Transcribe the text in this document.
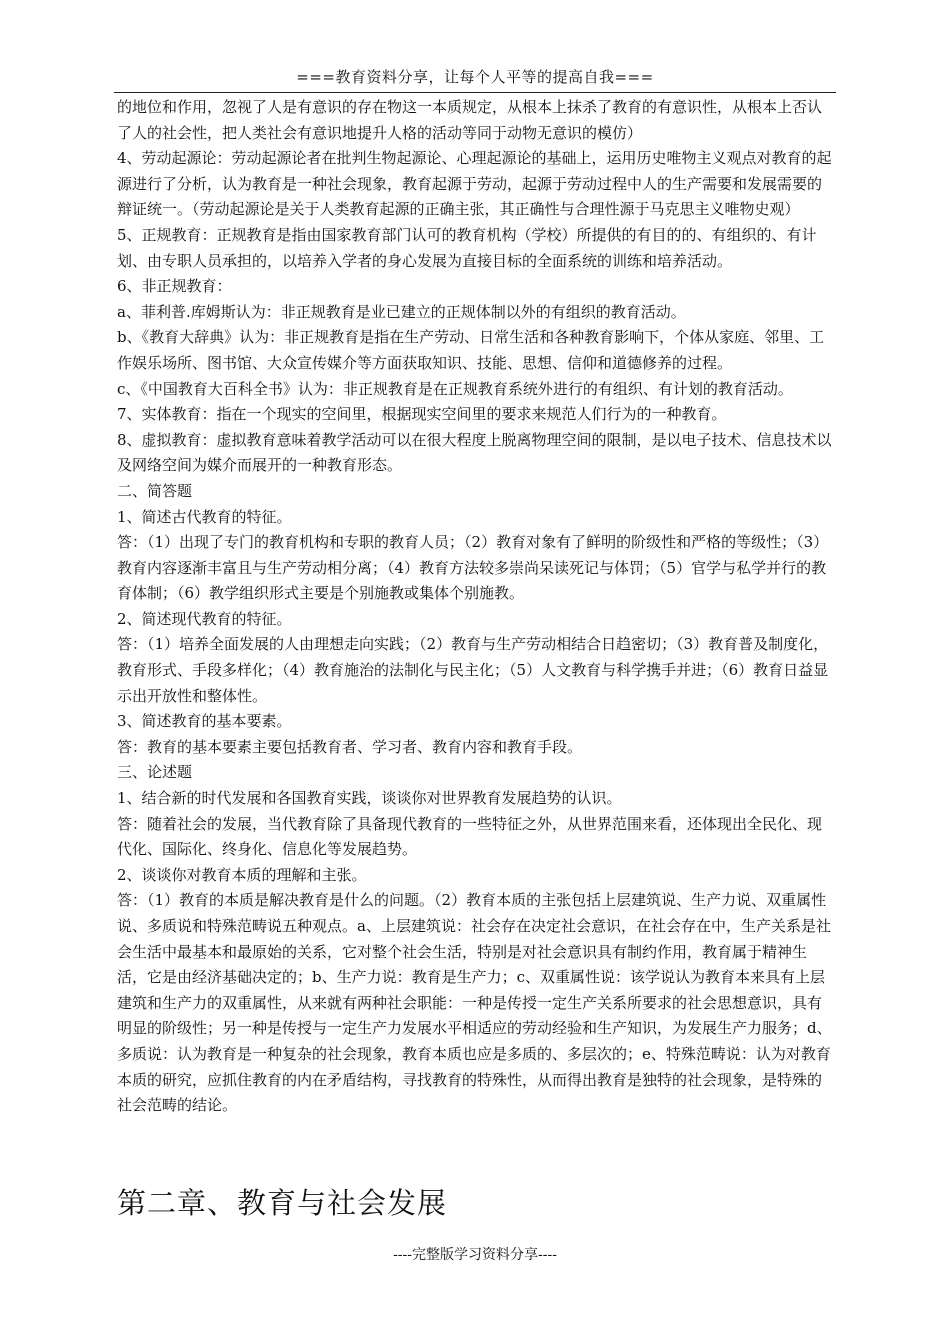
===教育资料分享，让每个人平等的提高自我===

的地位和作用，忽视了人是有意识的存在物这一本质规定，从根本上抹杀了教育的有意识性，从根本上否认了人的社会性，把人类社会有意识地提升人格的活动等同于动物无意识的模仿）

4、劳动起源论：劳动起源论者在批判生物起源论、心理起源论的基础上，运用历史唯物主义观点对教育的起源进行了分析，认为教育是一种社会现象，教育起源于劳动，起源于劳动过程中人的生产需要和发展需要的辩证统一。（劳动起源论是关于人类教育起源的正确主张，其正确性与合理性源于马克思主义唯物史观）

5、正规教育：正规教育是指由国家教育部门认可的教育机构（学校）所提供的有目的的、有组织的、有计划、由专职人员承担的，以培养入学者的身心发展为直接目标的全面系统的训练和培养活动。

6、非正规教育：

a、菲利普.库姆斯认为：非正规教育是业已建立的正规体制以外的有组织的教育活动。

b、《教育大辞典》认为：非正规教育是指在生产劳动、日常生活和各种教育影响下，个体从家庭、邻里、工作娱乐场所、图书馆、大众宣传媒介等方面获取知识、技能、思想、信仰和道德修养的过程。

c、《中国教育大百科全书》认为：非正规教育是在正规教育系统外进行的有组织、有计划的教育活动。

7、实体教育：指在一个现实的空间里，根据现实空间里的要求来规范人们行为的一种教育。

8、虚拟教育：虚拟教育意味着教学活动可以在很大程度上脱离物理空间的限制，是以电子技术、信息技术以及网络空间为媒介而展开的一种教育形态。

二、简答题

1、简述古代教育的特征。

答：（1）出现了专门的教育机构和专职的教育人员；（2）教育对象有了鲜明的阶级性和严格的等级性；（3）教育内容逐渐丰富且与生产劳动相分离；（4）教育方法较多崇尚呆读死记与体罚；（5）官学与私学并行的教育体制；（6）教学组织形式主要是个别施教或集体个别施教。

2、简述现代教育的特征。

答：（1）培养全面发展的人由理想走向实践；（2）教育与生产劳动相结合日趋密切；（3）教育普及制度化，教育形式、手段多样化；（4）教育施治的法制化与民主化；（5）人文教育与科学携手并进；（6）教育日益显示出开放性和整体性。

3、简述教育的基本要素。

答：教育的基本要素主要包括教育者、学习者、教育内容和教育手段。

三、论述题

1、结合新的时代发展和各国教育实践，谈谈你对世界教育发展趋势的认识。

答：随着社会的发展，当代教育除了具备现代教育的一些特征之外，从世界范围来看，还体现出全民化、现代化、国际化、终身化、信息化等发展趋势。

2、谈谈你对教育本质的理解和主张。

答：（1）教育的本质是解决教育是什么的问题。（2）教育本质的主张包括上层建筑说、生产力说、双重属性说、多质说和特殊范畴说五种观点。a、上层建筑说：社会存在决定社会意识，在社会存在中，生产关系是社会生活中最基本和最原始的关系，它对整个社会生活，特别是对社会意识具有制约作用，教育属于精神生活，它是由经济基础决定的；b、生产力说：教育是生产力；c、双重属性说：该学说认为教育本来具有上层建筑和生产力的双重属性，从来就有两种社会职能：一种是传授一定生产关系所要求的社会思想意识，具有明显的阶级性；另一种是传授与一定生产力发展水平相适应的劳动经验和生产知识，为发展生产力服务；d、多质说：认为教育是一种复杂的社会现象，教育本质也应是多质的、多层次的；e、特殊范畴说：认为对教育本质的研究，应抓住教育的内在矛盾结构，寻找教育的特殊性，从而得出教育是独特的社会现象，是特殊的社会范畴的结论。

第二章、教育与社会发展
----完整版学习资料分享----
